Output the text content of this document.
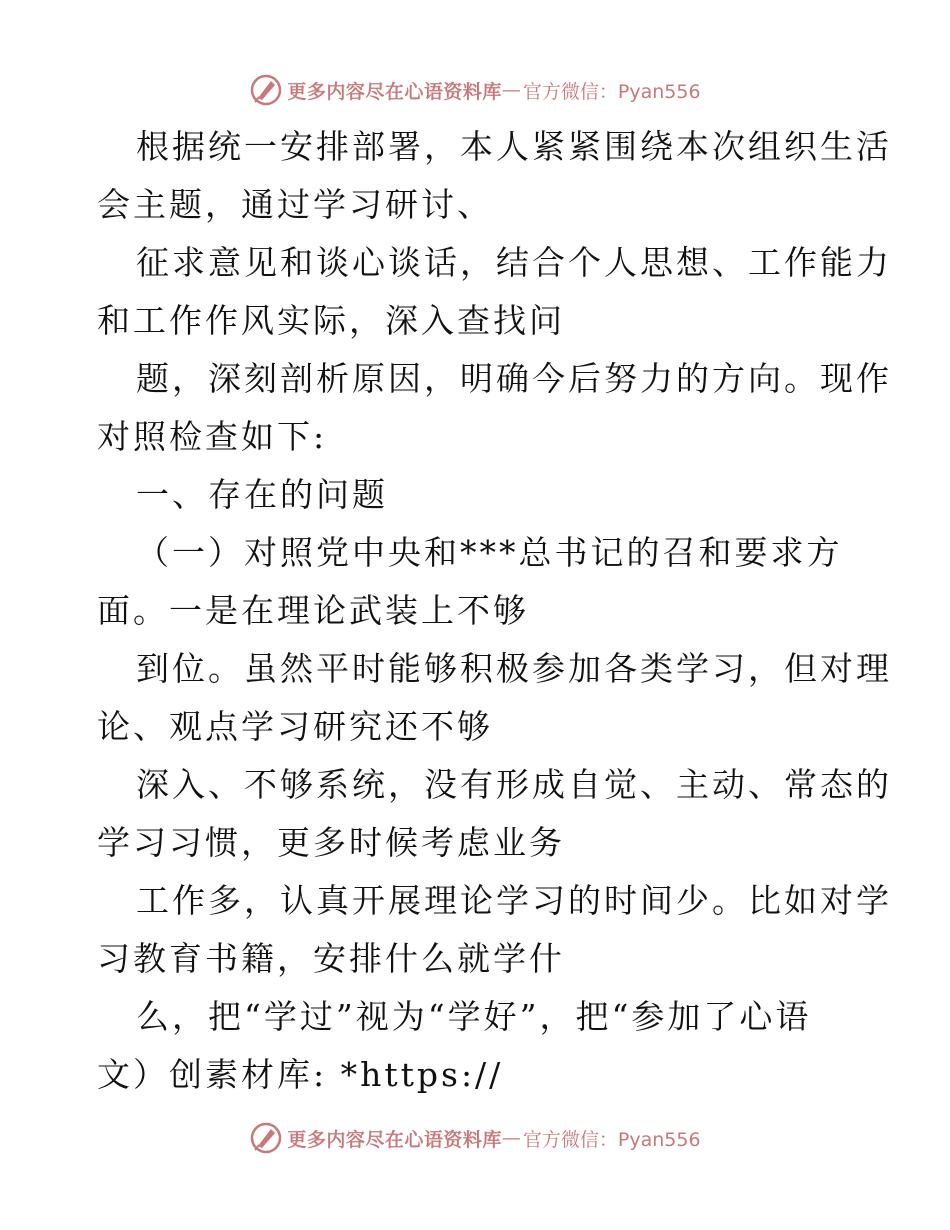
更多内容尽在心语资料库 — 官方微信：Pyan556
根据统一安排部署，本人紧紧围绕本次组织生活
会主题，通过学习研讨、
征求意见和谈心谈话，结合个人思想、工作能力
和工作作风实际，深入查找问
题，深刻剖析原因，明确今后努力的方向。现作
对照检查如下:
一、存在的问题
（一）对照党中央和***总书记的召和要求方
面。一是在理论武装上不够
到位。虽然平时能够积极参加各类学习，但对理
论、观点学习研究还不够
深入、不够系统，没有形成自觉、主动、常态的
学习习惯，更多时候考虑业务
工作多，认真开展理论学习的时间少。比如对学
习教育书籍，安排什么就学什
么，把“学过”视为“学好”，把“参加了心语
文）创素材库: *https://
更多内容尽在心语资料库 — 官方微信：Pyan556
